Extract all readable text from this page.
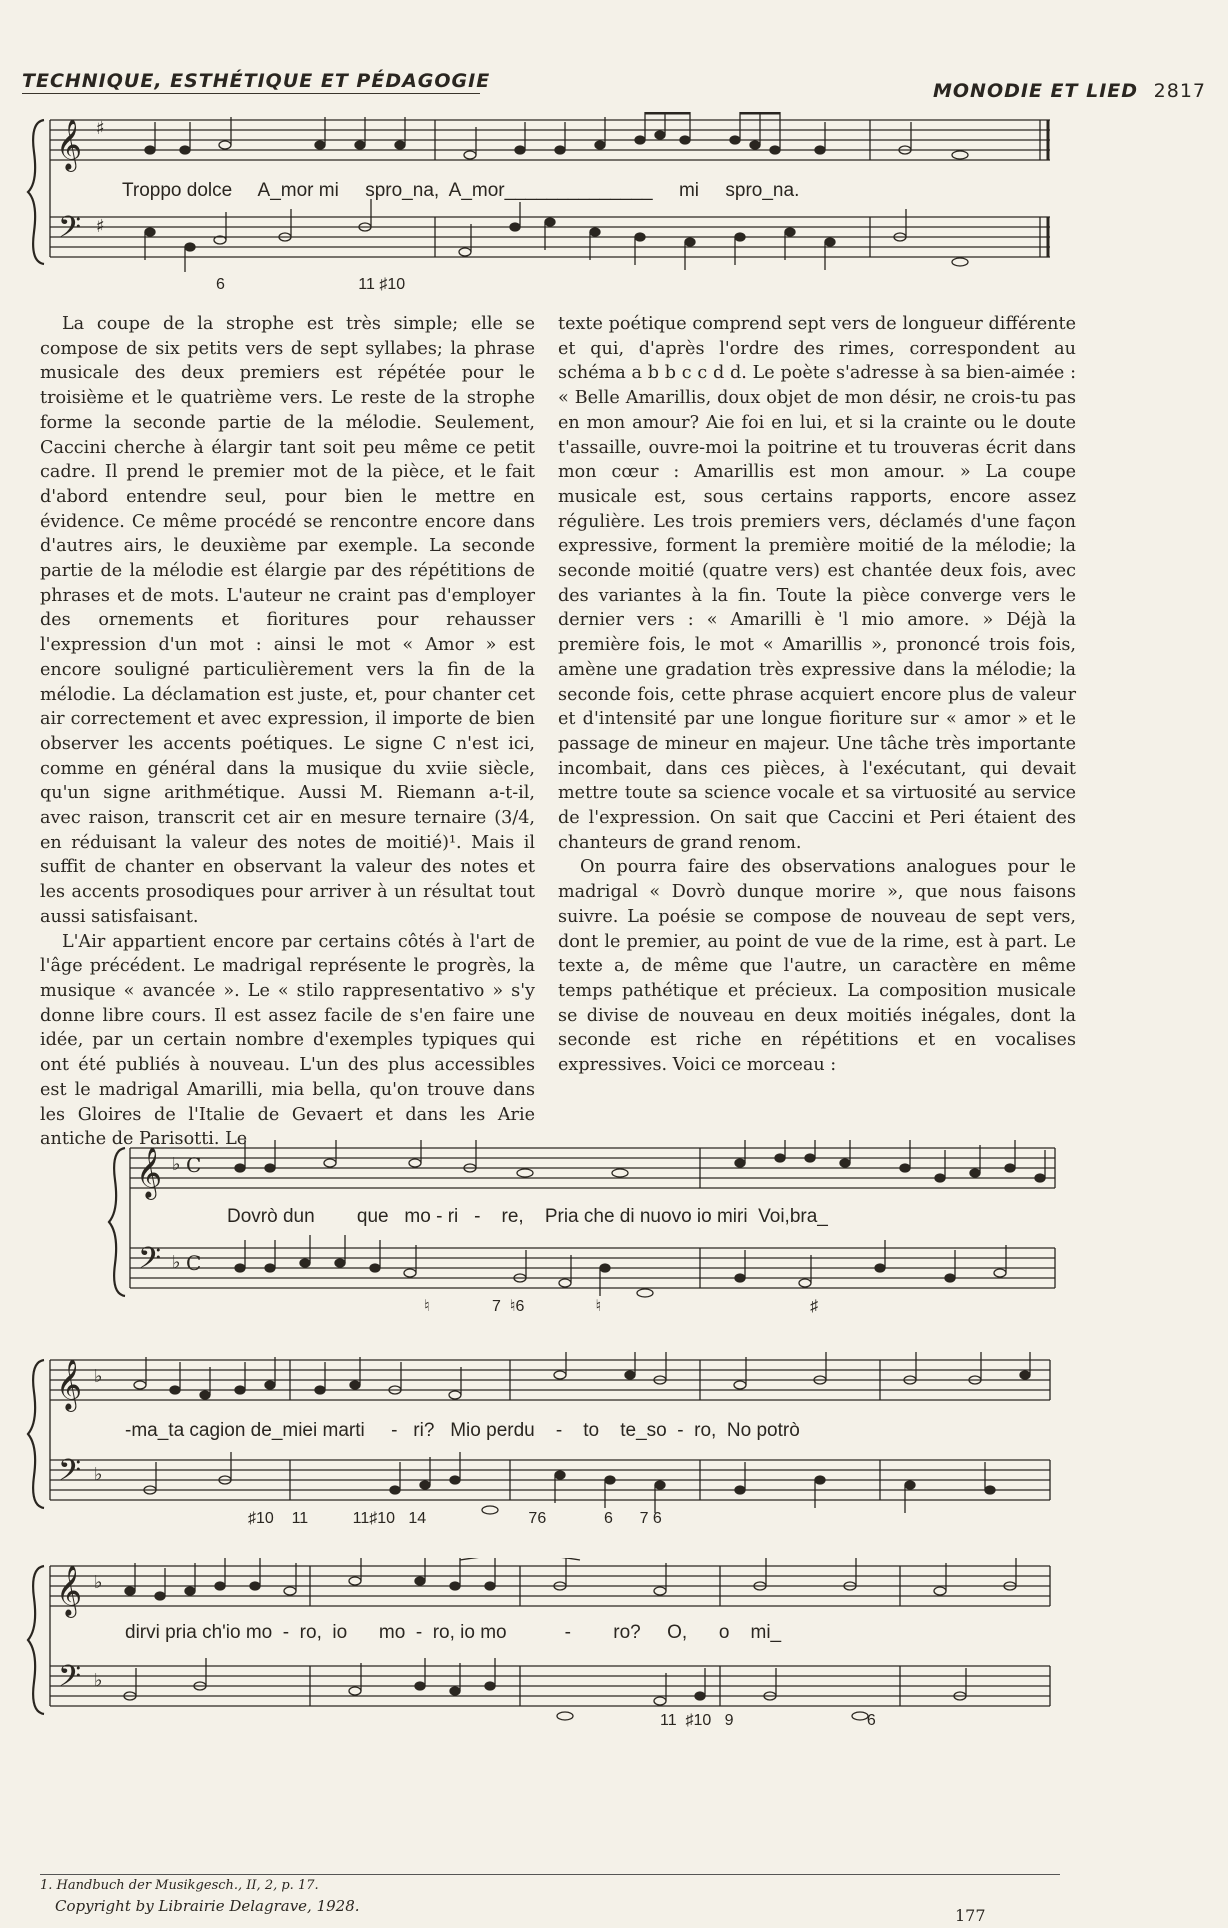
TECHNIQUE, ESTHÉTIQUE ET PÉDAGOGIE	MONODIE ET LIED 2817
𝄞
𝄢
♯
♯
Troppo dolce     A_mor mi     spro_na,  A_mor______________     mi     spro_na.
6                              11 ♯10

La coupe de la strophe est très simple; elle se compose de six petits vers de sept syllabes; la phrase musicale des deux premiers est répétée pour le troisième et le quatrième vers. Le reste de la strophe forme la seconde partie de la mélodie. Seulement, Caccini cherche à élargir tant soit peu même ce petit cadre. Il prend le premier mot de la pièce, et le fait d'abord entendre seul, pour bien le mettre en évidence. Ce même procédé se rencontre encore dans d'autres airs, le deuxième par exemple. La seconde partie de la mélodie est élargie par des répétitions de phrases et de mots. L'auteur ne craint pas d'employer des ornements et fioritures pour rehausser l'expression d'un mot : ainsi le mot « Amor » est encore souligné particulièrement vers la fin de la mélodie. La déclamation est juste, et, pour chanter cet air correctement et avec expression, il importe de bien observer les accents poétiques. Le signe C n'est ici, comme en général dans la musique du xviie siècle, qu'un signe arithmétique. Aussi M. Riemann a-t-il, avec raison, transcrit cet air en mesure ternaire (3/4, en réduisant la valeur des notes de moitié)¹. Mais il suffit de chanter en observant la valeur des notes et les accents prosodiques pour arriver à un résultat tout aussi satisfaisant.

L'Air appartient encore par certains côtés à l'art de l'âge précédent. Le madrigal représente le progrès, la musique « avancée ». Le « stilo rappresentativo » s'y donne libre cours. Il est assez facile de s'en faire une idée, par un certain nombre d'exemples typiques qui ont été publiés à nouveau. L'un des plus accessibles est le madrigal Amarilli, mia bella, qu'on trouve dans les Gloires de l'Italie de Gevaert et dans les Arie antiche de Parisotti. Le

texte poétique comprend sept vers de longueur différente et qui, d'après l'ordre des rimes, correspondent au schéma a b b c c d d. Le poète s'adresse à sa bien-aimée : « Belle Amarillis, doux objet de mon désir, ne crois-tu pas en mon amour? Aie foi en lui, et si la crainte ou le doute t'assaille, ouvre-moi la poitrine et tu trouveras écrit dans mon cœur : Amarillis est mon amour. » La coupe musicale est, sous certains rapports, encore assez régulière. Les trois premiers vers, déclamés d'une façon expressive, forment la première moitié de la mélodie; la seconde moitié (quatre vers) est chantée deux fois, avec des variantes à la fin. Toute la pièce converge vers le dernier vers : « Amarilli è 'l mio amore. » Déjà la première fois, le mot « Amarillis », prononcé trois fois, amène une gradation très expressive dans la mélodie; la seconde fois, cette phrase acquiert encore plus de valeur et d'intensité par une longue fioriture sur « amor » et le passage de mineur en majeur. Une tâche très importante incombait, dans ces pièces, à l'exécutant, qui devait mettre toute sa science vocale et sa virtuosité au service de l'expression. On sait que Caccini et Peri étaient des chanteurs de grand renom.

On pourra faire des observations analogues pour le madrigal « Dovrò dunque morire », que nous faisons suivre. La poésie se compose de nouveau de sept vers, dont le premier, au point de vue de la rime, est à part. Le texte a, de même que l'autre, un caractère en même temps pathétique et précieux. La composition musicale se divise de nouveau en deux moitiés inégales, dont la seconde est riche en répétitions et en vocalises expressives. Voici ce morceau :

𝄞
𝄢
♭ C
♭ C
Dovrò dun        que   mo - ri   -    re,    Pria che di nuovo io miri  Voi,bra_
♮              7  ♮6                ♮                                               ♯
𝄞
𝄢
♭
♭
-ma_ta cagion de_miei marti     -   ri?   Mio perdu    -    to    te_so  -  ro,  No potrò
♯10    11          11♯10   14                       76             6      7 6
𝄞
𝄢
♭
♭
dirvi pria ch'io mo  -  ro,  io      mo  -  ro, io mo           -        ro?     O,      o    mi_
11  ♯10   9                              6
1. Handbuch der Musikgesch., II, 2, p. 17.
Copyright by Librairie Delagrave, 1928.	177
